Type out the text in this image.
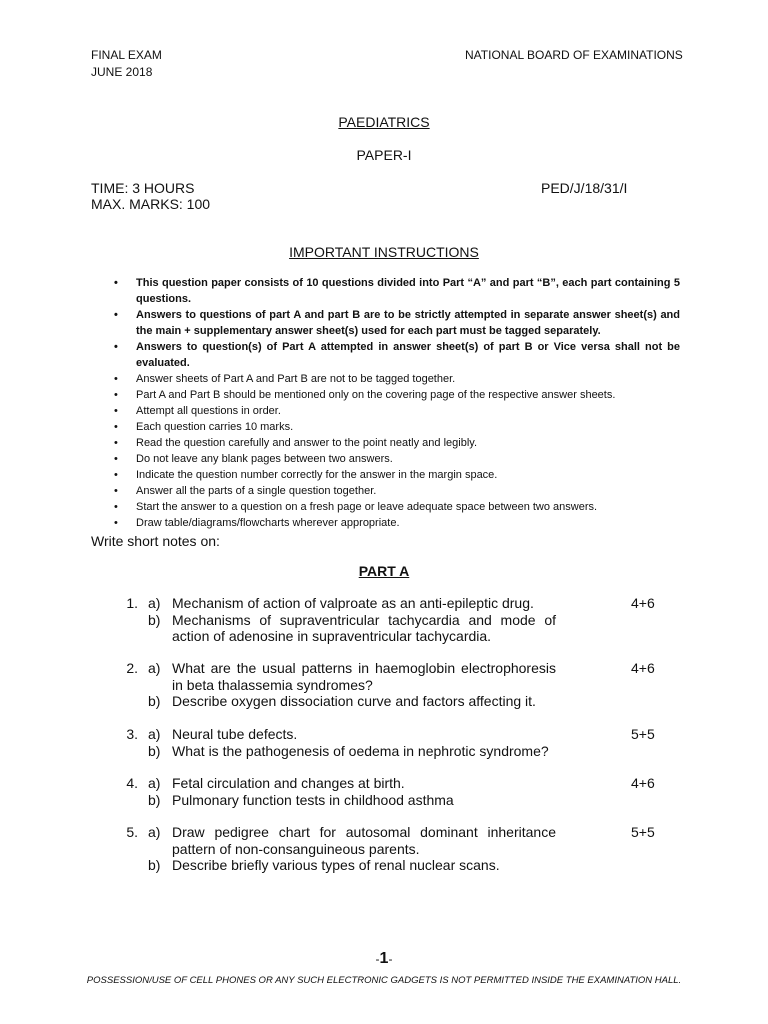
FINAL EXAM
JUNE 2018
NATIONAL BOARD OF EXAMINATIONS
PAEDIATRICS
PAPER-I
TIME: 3 HOURS
MAX. MARKS: 100
PED/J/18/31/I
IMPORTANT INSTRUCTIONS
• This question paper consists of 10 questions divided into Part “A” and part “B”, each part containing 5 questions.
• Answers to questions of part A and part B are to be strictly attempted in separate answer sheet(s) and the main + supplementary answer sheet(s) used for each part must be tagged separately.
• Answers to question(s) of Part A attempted in answer sheet(s) of part B or Vice versa shall not be evaluated.
• Answer sheets of Part A and Part B are not to be tagged together.
• Part A and Part B should be mentioned only on the covering page of the respective answer sheets.
• Attempt all questions in order.
• Each question carries 10 marks.
• Read the question carefully and answer to the point neatly and legibly.
• Do not leave any blank pages between two answers.
• Indicate the question number correctly for the answer in the margin space.
• Answer all the parts of a single question together.
• Start the answer to a question on a fresh page or leave adequate space between two answers.
• Draw table/diagrams/flowcharts wherever appropriate.
Write short notes on:
PART A
1.	4+6
a) Mechanism of action of valproate as an anti-epileptic drug.
b) Mechanisms of supraventricular tachycardia and mode of action of adenosine in supraventricular tachycardia.
2.	4+6
a) What are the usual patterns in haemoglobin electrophoresis in beta thalassemia syndromes?
b) Describe oxygen dissociation curve and factors affecting it.
3.	5+5
a) Neural tube defects.
b) What is the pathogenesis of oedema in nephrotic syndrome?
4.	4+6
a) Fetal circulation and changes at birth.
b) Pulmonary function tests in childhood asthma
5.	5+5
a) Draw pedigree chart for autosomal dominant inheritance pattern of non-consanguineous parents.
b) Describe briefly various types of renal nuclear scans.
-1-
POSSESSION/USE OF CELL PHONES OR ANY SUCH ELECTRONIC GADGETS IS NOT PERMITTED INSIDE THE EXAMINATION HALL.
